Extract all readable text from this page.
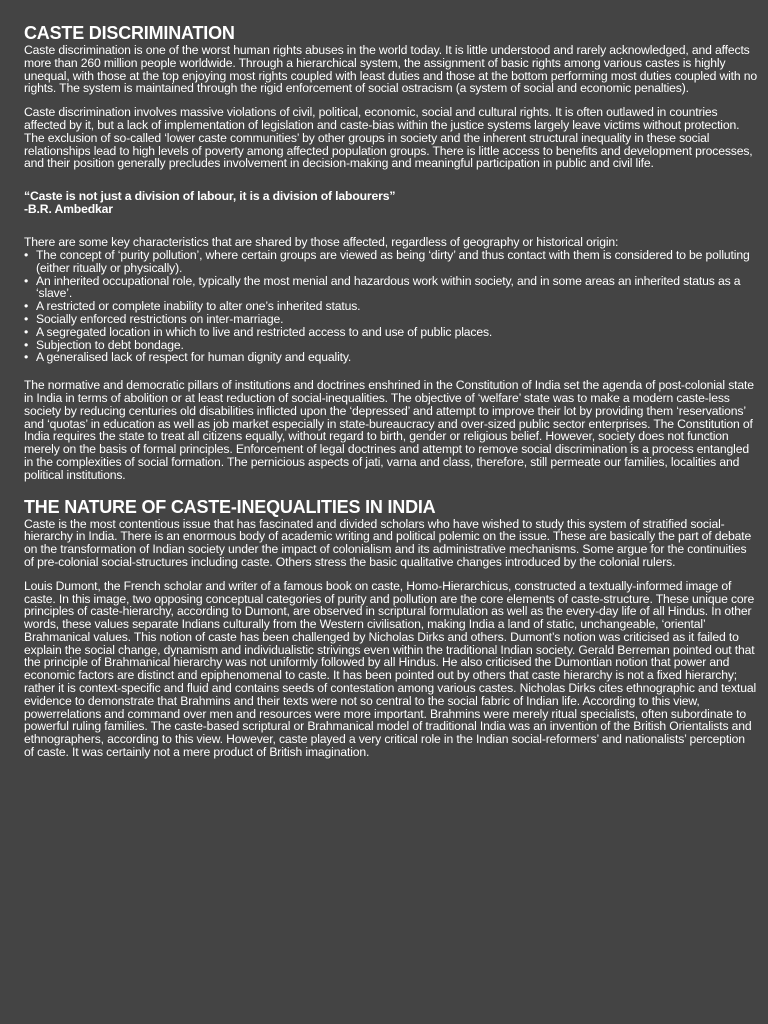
CASTE DISCRIMINATION

Caste discrimination is one of the worst human rights abuses in the world today. It is little understood and rarely acknowledged, and affects more than 260 million people worldwide. Through a hierarchical system, the assignment of basic rights among various castes is highly unequal, with those at the top enjoying most rights coupled with least duties and those at the bottom performing most duties coupled with no rights. The system is maintained through the rigid enforcement of social ostracism (a system of social and economic penalties).

Caste discrimination involves massive violations of civil, political, economic, social and cultural rights. It is often outlawed in countries affected by it, but a lack of implementation of legislation and caste-bias within the justice systems largely leave victims without protection.

The exclusion of so-called ‘lower caste communities’ by other groups in society and the inherent structural inequality in these social relationships lead to high levels of poverty among affected population groups. There is little access to benefits and development processes, and their position generally precludes involvement in decision-making and meaningful participation in public and civil life.

“Caste is not just a division of labour, it is a division of labourers”

-B.R. Ambedkar

There are some key characteristics that are shared by those affected, regardless of geography or historical origin:

• The concept of ‘purity pollution’, where certain groups are viewed as being ‘dirty’ and thus contact with them is considered to be polluting (either ritually or physically).
• An inherited occupational role, typically the most menial and hazardous work within society, and in some areas an inherited status as a ‘slave’.
• A restricted or complete inability to alter one’s inherited status.
• Socially enforced restrictions on inter-marriage.
• A segregated location in which to live and restricted access to and use of public places.
• Subjection to debt bondage.
• A generalised lack of respect for human dignity and equality.

The normative and democratic pillars of institutions and doctrines enshrined in the Constitution of India set the agenda of post-colonial state in India in terms of abolition or at least reduction of social-inequalities. The objective of ‘welfare’ state was to make a modern caste-less society by reducing centuries old disabilities inflicted upon the ‘depressed’ and attempt to improve their lot by providing them ‘reservations’ and ‘quotas’ in education as well as job market especially in state-bureaucracy and over-sized public sector enterprises. The Constitution of India requires the state to treat all citizens equally, without regard to birth, gender or religious belief. However, society does not function merely on the basis of formal principles. Enforcement of legal doctrines and attempt to remove social discrimination is a process entangled in the complexities of social formation. The pernicious aspects of jati, varna and class, therefore, still permeate our families, localities and political institutions.

THE NATURE OF CASTE-INEQUALITIES IN INDIA

Caste is the most contentious issue that has fascinated and divided scholars who have wished to study this system of stratified social-hierarchy in India. There is an enormous body of academic writing and political polemic on the issue. These are basically the part of debate on the transformation of Indian society under the impact of colonialism and its administrative mechanisms. Some argue for the continuities of pre-colonial social-structures including caste. Others stress the basic qualitative changes introduced by the colonial rulers.

Louis Dumont, the French scholar and writer of a famous book on caste, Homo-Hierarchicus, constructed a textually-informed image of caste. In this image, two opposing conceptual categories of purity and pollution are the core elements of caste-structure. These unique core principles of caste-hierarchy, according to Dumont, are observed in scriptural formulation as well as the every-day life of all Hindus. In other words, these values separate Indians culturally from the Western civilisation, making India a land of static, unchangeable, ‘oriental’ Brahmanical values. This notion of caste has been challenged by Nicholas Dirks and others. Dumont’s notion was criticised as it failed to explain the social change, dynamism and individualistic strivings even within the traditional Indian society. Gerald Berreman pointed out that the principle of Brahmanical hierarchy was not uniformly followed by all Hindus. He also criticised the Dumontian notion that power and economic factors are distinct and epiphenomenal to caste. It has been pointed out by others that caste hierarchy is not a fixed hierarchy; rather it is context-specific and fluid and contains seeds of contestation among various castes. Nicholas Dirks cites ethnographic and textual evidence to demonstrate that Brahmins and their texts were not so central to the social fabric of Indian life. According to this view, powerrelations and command over men and resources were more important. Brahmins were merely ritual specialists, often subordinate to powerful ruling families. The caste-based scriptural or Brahmanical model of traditional India was an invention of the British Orientalists and ethnographers, according to this view. However, caste played a very critical role in the Indian social-reformers’ and nationalists’ perception of caste. It was certainly not a mere product of British imagination.
